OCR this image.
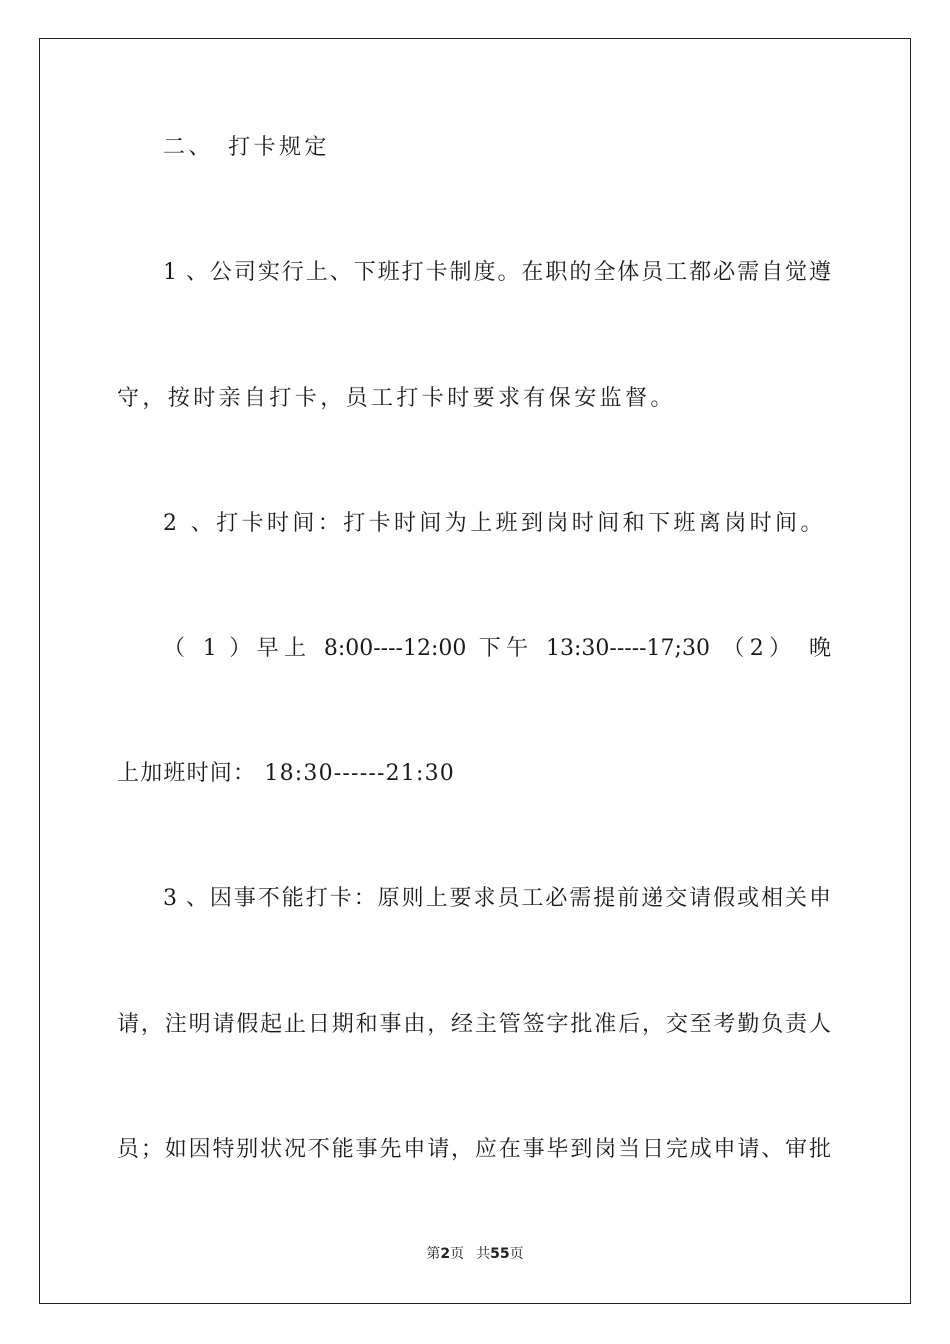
二、　打卡规定
1 、公司实行上、下班打卡制度。在职的全体员工都必需自觉遵
守，按时亲自打卡，员工打卡时要求有保安监督。
2 、打卡时间：打卡时间为上班到岗时间和下班离岗时间。
（ 1 ）早上 8:00----12:00 下午 13:30-----17;30 （2） 晚
上加班时间： 18:30------21:30
3 、因事不能打卡：原则上要求员工必需提前递交请假或相关申
请，注明请假起止日期和事由，经主管签字批准后，交至考勤负责人
员；如因特别状况不能事先申请，应在事毕到岗当日完成申请、审批
第2页 共55页
